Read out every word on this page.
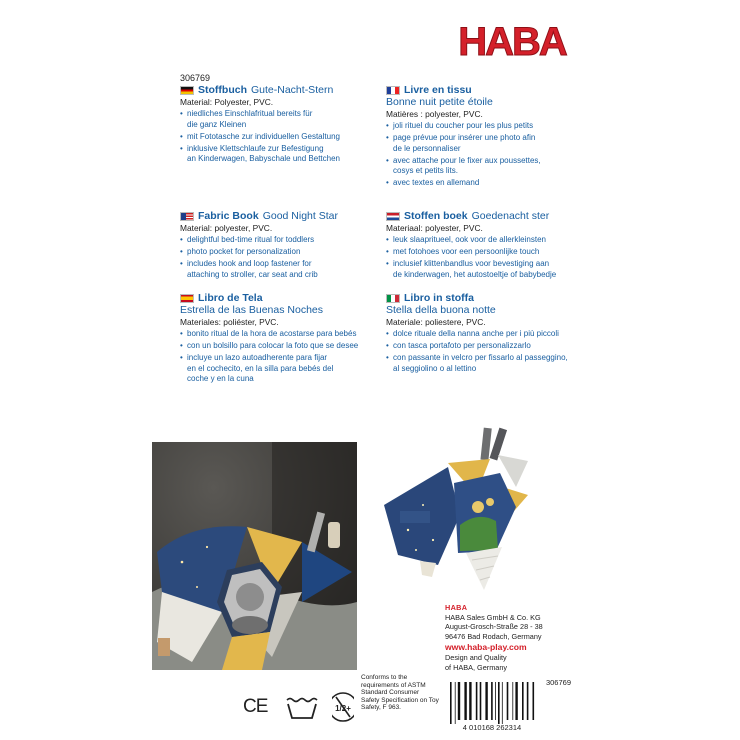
HABA
306769
Stoffbuch Gute-Nacht-Stern
Material: Polyester, PVC.
• niedliches Einschlafritual bereits für
die ganz Kleinen
• mit Fototasche zur individuellen Gestaltung
• inklusive Klettschlaufe zur Befestigung
an Kinderwagen, Babyschale und Bettchen
Livre en tissu
Bonne nuit petite étoile
Matières : polyester, PVC.
• joli rituel du coucher pour les plus petits
• page prévue pour insérer une photo afin
de le personnaliser
• avec attache pour le fixer aux poussettes,
cosys et petits lits.
• avec textes en allemand
Fabric Book Good Night Star
Material: polyester, PVC.
• delightful bed-time ritual for toddlers
• photo pocket for personalization
• includes hook and loop fastener for
attaching to stroller, car seat and crib
Stoffen boek Goedenacht ster
Materiaal: polyester, PVC.
• leuk slaapritueel, ook voor de allerkleinsten
• met fotohoes voor een persoonlijke touch
• inclusief klittenbandlus voor bevestiging aan
de kinderwagen, het autostoeltje of babybedje
Libro de Tela
Estrella de las Buenas Noches
Materiales: poliéster, PVC.
• bonito ritual de la hora de acostarse para bebés
• con un bolsillo para colocar la foto que se desee
• incluye un lazo autoadherente para fijar
en el cochecito, en la silla para bebés del
coche y en la cuna
Libro in stoffa
Stella della buona notte
Materiale: poliestere, PVC.
• dolce rituale della nanna anche per i più piccoli
• con tasca portafoto per personalizzarlo
• con passante in velcro per fissarlo al passeggino,
al seggiolino o al lettino
HABA
HABA Sales GmbH & Co. KG
August-Grosch-Straße 28 - 38
96476 Bad Rodach, Germany
www.haba-play.com
Design and Quality
of HABA, Germany
306769
CE	1/2+
Conforms to the requirements of ASTM Standard Consumer Safety Specification on Toy Safety, F 963.
4 010168 262314
